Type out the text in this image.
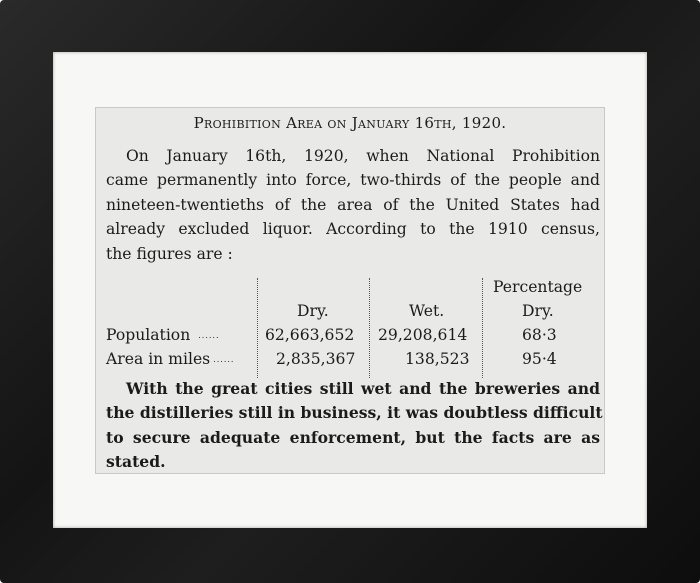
Prohibition Area on January 16th, 1920.
On January 16th, 1920, when National Prohibition
came permanently into force, two-thirds of the people and
nineteen-twentieths of the area of the United States had
already excluded liquor. According to the 1910 census,
the figures are :
Percentage
Dry.	Wet.	Dry.
Population ......	62,663,652 29,208,614	68·3
Area in miles ......	2,835,367	138,523	95·4
With the great cities still wet and the breweries and
the distilleries still in business, it was doubtless difficult
to secure adequate enforcement, but the facts are as
stated.
